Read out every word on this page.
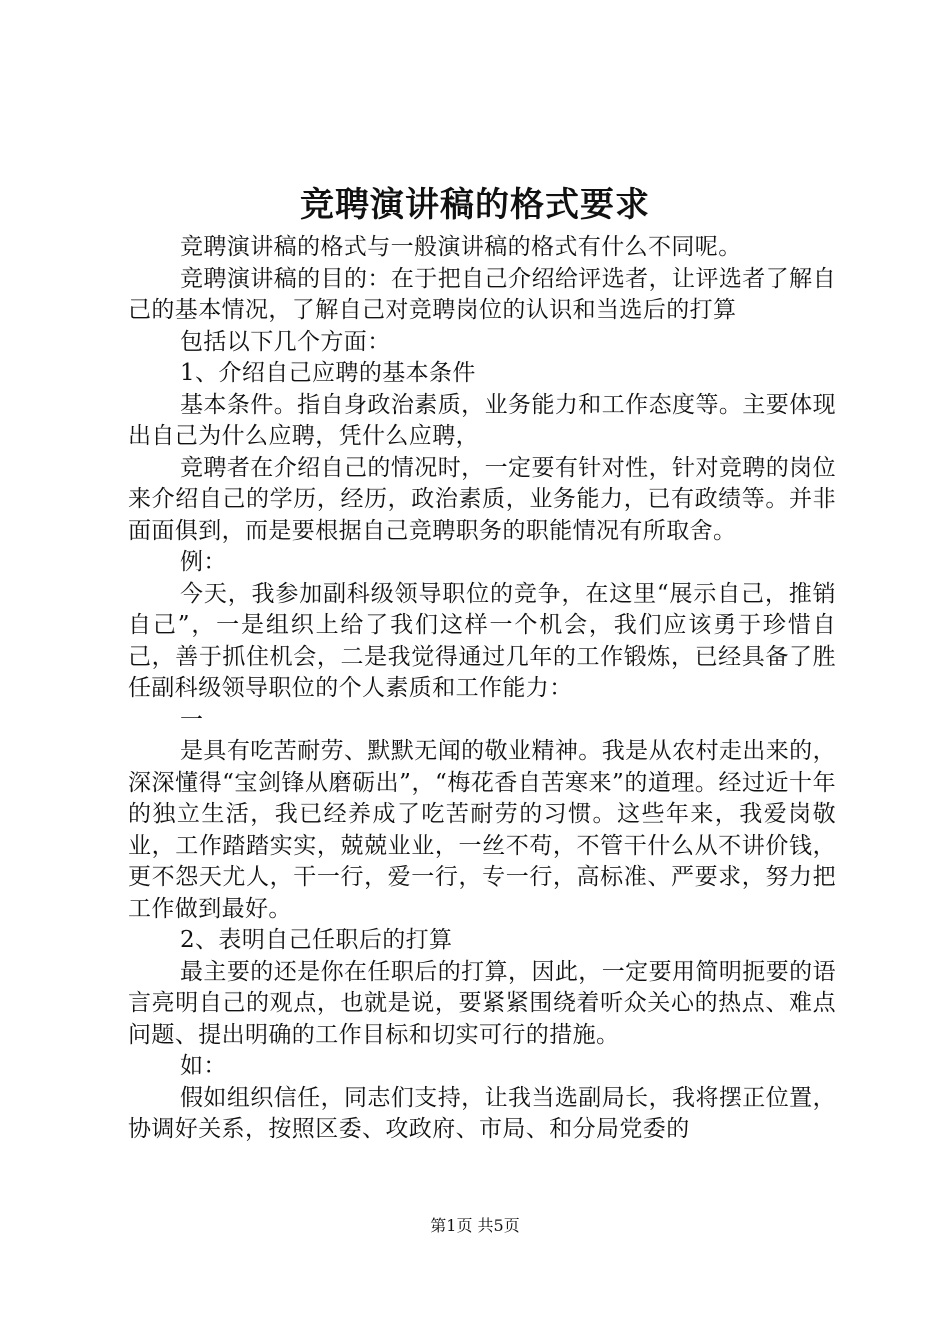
竞聘演讲稿的格式要求

竞聘演讲稿的格式与一般演讲稿的格式有什么不同呢。

竞聘演讲稿的目的：在于把自己介绍给评选者，让评选者了解自己的基本情况，了解自己对竞聘岗位的认识和当选后的打算

包括以下几个方面：

1、介绍自己应聘的基本条件

基本条件。指自身政治素质，业务能力和工作态度等。主要体现出自己为什么应聘，凭什么应聘，

竞聘者在介绍自己的情况时，一定要有针对性，针对竞聘的岗位来介绍自己的学历，经历，政治素质，业务能力，已有政绩等。并非面面俱到，而是要根据自己竞聘职务的职能情况有所取舍。

例：

今天，我参加副科级领导职位的竞争，在这里“展示自己，推销自己”，一是组织上给了我们这样一个机会，我们应该勇于珍惜自己，善于抓住机会，二是我觉得通过几年的工作锻炼，已经具备了胜任副科级领导职位的个人素质和工作能力：

一

是具有吃苦耐劳、默默无闻的敬业精神。我是从农村走出来的，深深懂得“宝剑锋从磨砺出”，“梅花香自苦寒来”的道理。经过近十年的独立生活，我已经养成了吃苦耐劳的习惯。这些年来，我爱岗敬业，工作踏踏实实，兢兢业业，一丝不苟，不管干什么从不讲价钱，更不怨天尤人，干一行，爱一行，专一行，高标准、严要求，努力把工作做到最好。

2、表明自己任职后的打算

最主要的还是你在任职后的打算，因此，一定要用简明扼要的语言亮明自己的观点，也就是说，要紧紧围绕着听众关心的热点、难点问题、提出明确的工作目标和切实可行的措施。

如：

假如组织信任，同志们支持，让我当选副局长，我将摆正位置，协调好关系，按照区委、攻政府、市局、和分局党委的

第1页 共5页
